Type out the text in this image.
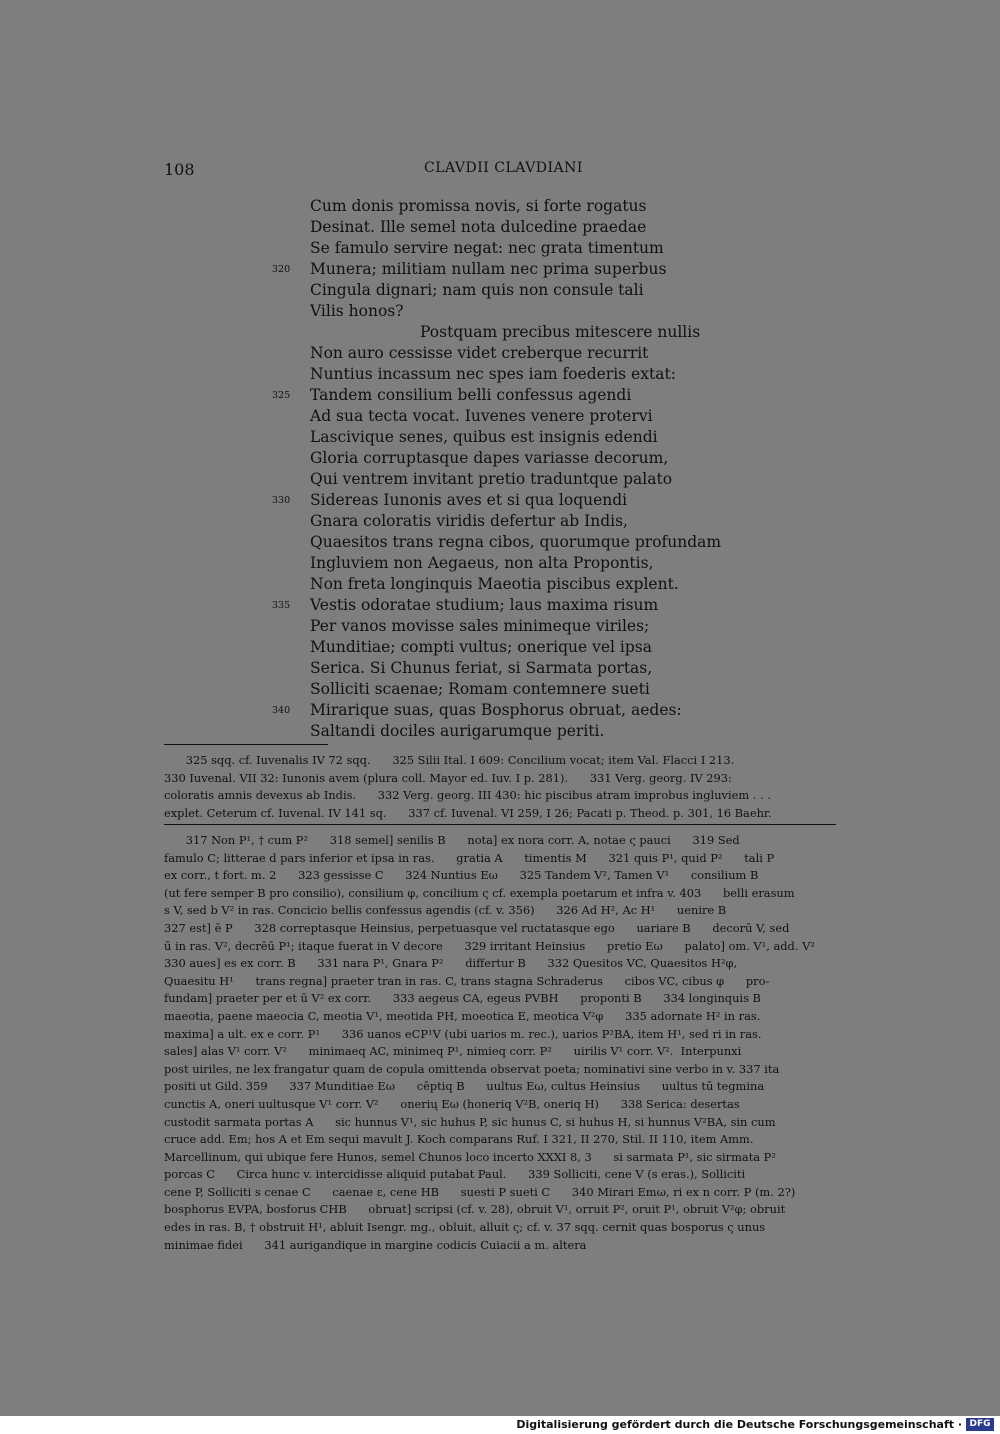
108	CLAVDII CLAVDIANI
Cum donis promissa novis, si forte rogatus
Desinat. Ille semel nota dulcedine praedae
Se famulo servire negat: nec grata timentum
320 Munera; militiam nullam nec prima superbus
Cingula dignari; nam quis non consule tali
Vilis honos?
Postquam precibus mitescere nullis
Non auro cessisse videt creberque recurrit
Nuntius incassum nec spes iam foederis extat:
325 Tandem consilium belli confessus agendi
Ad sua tecta vocat. Iuvenes venere protervi
Lascivique senes, quibus est insignis edendi
Gloria corruptasque dapes variasse decorum,
Qui ventrem invitant pretio traduntque palato
330 Sidereas Iunonis aves et si qua loquendi
Gnara coloratis viridis defertur ab Indis,
Quaesitos trans regna cibos, quorumque profundam
Ingluviem non Aegaeus, non alta Propontis,
Non freta longinquis Maeotia piscibus explent.
335 Vestis odoratae studium; laus maxima risum
Per vanos movisse sales minimeque viriles;
Munditiae; compti vultus; onerique vel ipsa
Serica. Si Chunus feriat, si Sarmata portas,
Solliciti scaenae; Romam contemnere sueti
340 Mirarique suas, quas Bosphorus obruat, aedes:
Saltandi dociles aurigarumque periti.
325 sqq. cf. Iuvenalis IV 72 sqq.      325 Silii Ital. I 609: Concilium vocat; item Val. Flacci I 213.
330 Iuvenal. VII 32: Iunonis avem (plura coll. Mayor ed. Iuv. I p. 281).      331 Verg. georg. IV 293:
coloratis amnis devexus ab Indis.      332 Verg. georg. III 430: hic piscibus atram improbus ingluviem . . .
explet. Ceterum cf. Iuvenal. IV 141 sq.      337 cf. Iuvenal. VI 259, I 26; Pacati p. Theod. p. 301, 16 Baehr.
317 Non P¹, † cum P²      318 semel] senilis B      nota] ex nora corr. A, notae ς pauci      319 Sed
famulo C; litterae d pars inferior et ipsa in ras.      gratia A      timentis M      321 quis P¹, quid P²      tali P
ex corr., t fort. m. 2      323 gessisse C      324 Nuntius Eω      325 Tandem V², Tamen V¹      consilium B
(ut fere semper B pro consilio), consilium φ, concilium ς cf. exempla poetarum et infra v. 403      belli erasum
s V, sed b V² in ras. Concicio bellis confessus agendis (cf. v. 356)      326 Ad H², Ac H¹      uenire B
327 est] ē P      328 correptasque Heinsius, perpetuasque vel ructatasque ego      uariare B      decorū V, sed
ū in ras. V², decrēū P¹; itaque fuerat in V decore      329 irritant Heinsius      pretio Eω      palato] om. V¹, add. V²
330 aues] es ex corr. B      331 nara P¹, Gnara P²      differtur B      332 Quesitos VC, Quaesitos H²φ,
Quaesitu H¹      trans regna] praeter tran in ras. C, trans stagna Schraderus      cibos VC, cibus φ      pro-
fundam] praeter per et ū V² ex corr.      333 aegeus CA, egeus PVBH      proponti B      334 longinquis B
maeotia, paene maeocia C, meotia V¹, meotida PH, moeotica E, meotica V²φ      335 adornate H² in ras.
maxima] a ult. ex e corr. P¹      336 uanos eCP¹V (ubi uarios m. rec.), uarios P²BA, item H¹, sed ri in ras.
sales] alas V¹ corr. V²      minimaeq AC, minimeq P¹, nimieq corr. P²      uirilis V¹ corr. V².  Interpunxi
post uiriles, ne lex frangatur quam de copula omittenda observat poeta; nominativi sine verbo in v. 337 ita
positi ut Gild. 359      337 Munditiae Eω      cēptiq B      uultus Eω, cultus Heinsius      uultus tū tegmina
cunctis A, oneri uultusque V¹ corr. V²      onerių Eω (honeriq V²B, oneriq H)      338 Serica: desertas
custodit sarmata portas A      sic hunnus V¹, sic huhus P, sic hunus C, si huhus H, si hunnus V²BA, sin cum
cruce add. Em; hos A et Em sequi mavult J. Koch comparans Ruf. I 321, II 270, Stil. II 110, item Amm.
Marcellinum, qui ubique fere Hunos, semel Chunos loco incerto XXXI 8, 3      si sarmata P¹, sic sirmata P²
porcas C      Circa hunc v. intercidisse aliquid putabat Paul.      339 Solliciti, cene V (s eras.), Solliciti
cene P, Solliciti s cenae C      caenae ε, cene HB      suesti P sueti C      340 Mirari Emω, ri ex n corr. P (m. 2?)
bosphorus EVPA, bosforus CHB      obruat] scripsi (cf. v. 28), obruit V¹, orruit P², oruit P¹, obruit V²φ; obruit
edes in ras. B, † obstruit H¹, abluit Isengr. mg., obluit, alluit ς; cf. v. 37 sqq. cernit quas bosporus ς unus
minimae fidei      341 aurigandique in margine codicis Cuiacii a m. altera
Digitalisierung gefördert durch die Deutsche Forschungsgemeinschaft · DFG
